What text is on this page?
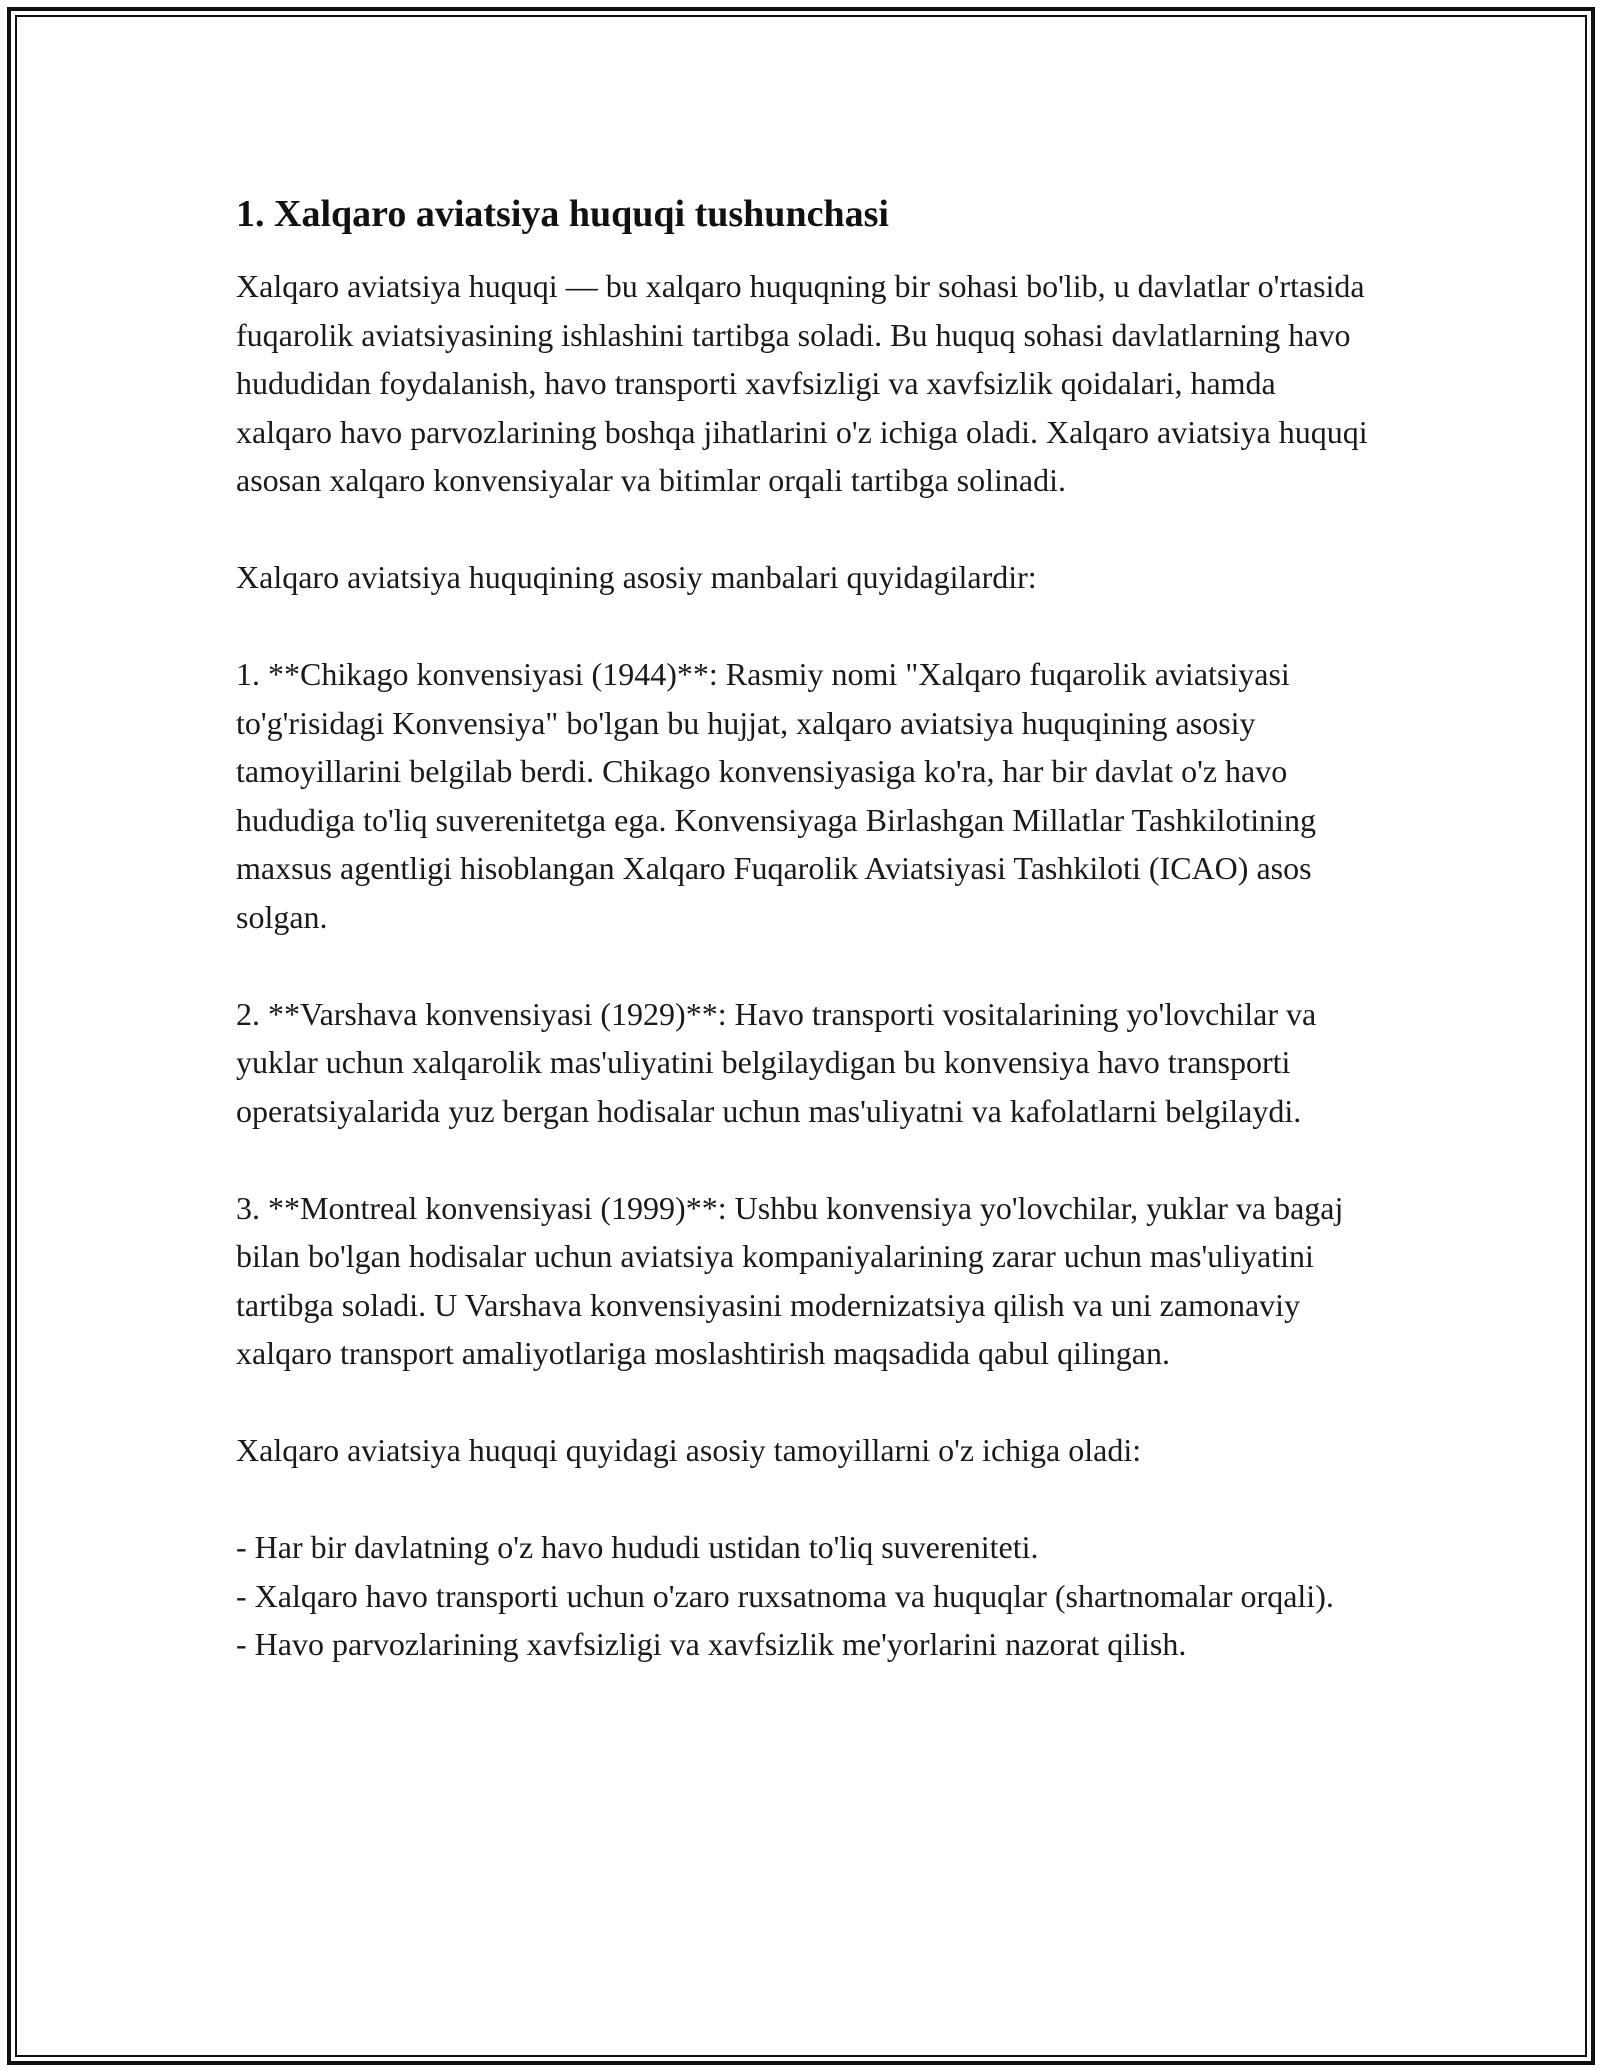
1. Xalqaro aviatsiya huquqi tushunchasi

Xalqaro aviatsiya huquqi — bu xalqaro huquqning bir sohasi bo'lib, u davlatlar o'rtasida fuqarolik aviatsiyasining ishlashini tartibga soladi. Bu huquq sohasi davlatlarning havo hududidan foydalanish, havo transporti xavfsizligi va xavfsizlik qoidalari, hamda xalqaro havo parvozlarining boshqa jihatlarini o'z ichiga oladi. Xalqaro aviatsiya huquqi asosan xalqaro konvensiyalar va bitimlar orqali tartibga solinadi.

Xalqaro aviatsiya huquqining asosiy manbalari quyidagilardir:

1. **Chikago konvensiyasi (1944)**: Rasmiy nomi "Xalqaro fuqarolik aviatsiyasi to'g'risidagi Konvensiya" bo'lgan bu hujjat, xalqaro aviatsiya huquqining asosiy tamoyillarini belgilab berdi. Chikago konvensiyasiga ko'ra, har bir davlat o'z havo hududiga to'liq suverenitetga ega. Konvensiyaga Birlashgan Millatlar Tashkilotining maxsus agentligi hisoblangan Xalqaro Fuqarolik Aviatsiyasi Tashkiloti (ICAO) asos solgan.

2. **Varshava konvensiyasi (1929)**: Havo transporti vositalarining yo'lovchilar va yuklar uchun xalqarolik mas'uliyatini belgilaydigan bu konvensiya havo transporti operatsiyalarida yuz bergan hodisalar uchun mas'uliyatni va kafolatlarni belgilaydi.

3. **Montreal konvensiyasi (1999)**: Ushbu konvensiya yo'lovchilar, yuklar va bagaj bilan bo'lgan hodisalar uchun aviatsiya kompaniyalarining zarar uchun mas'uliyatini tartibga soladi. U Varshava konvensiyasini modernizatsiya qilish va uni zamonaviy xalqaro transport amaliyotlariga moslashtirish maqsadida qabul qilingan.

Xalqaro aviatsiya huquqi quyidagi asosiy tamoyillarni o'z ichiga oladi:

- Har bir davlatning o'z havo hududi ustidan to'liq suvereniteti.
- Xalqaro havo transporti uchun o'zaro ruxsatnoma va huquqlar (shartnomalar orqali).
- Havo parvozlarining xavfsizligi va xavfsizlik me'yorlarini nazorat qilish.
